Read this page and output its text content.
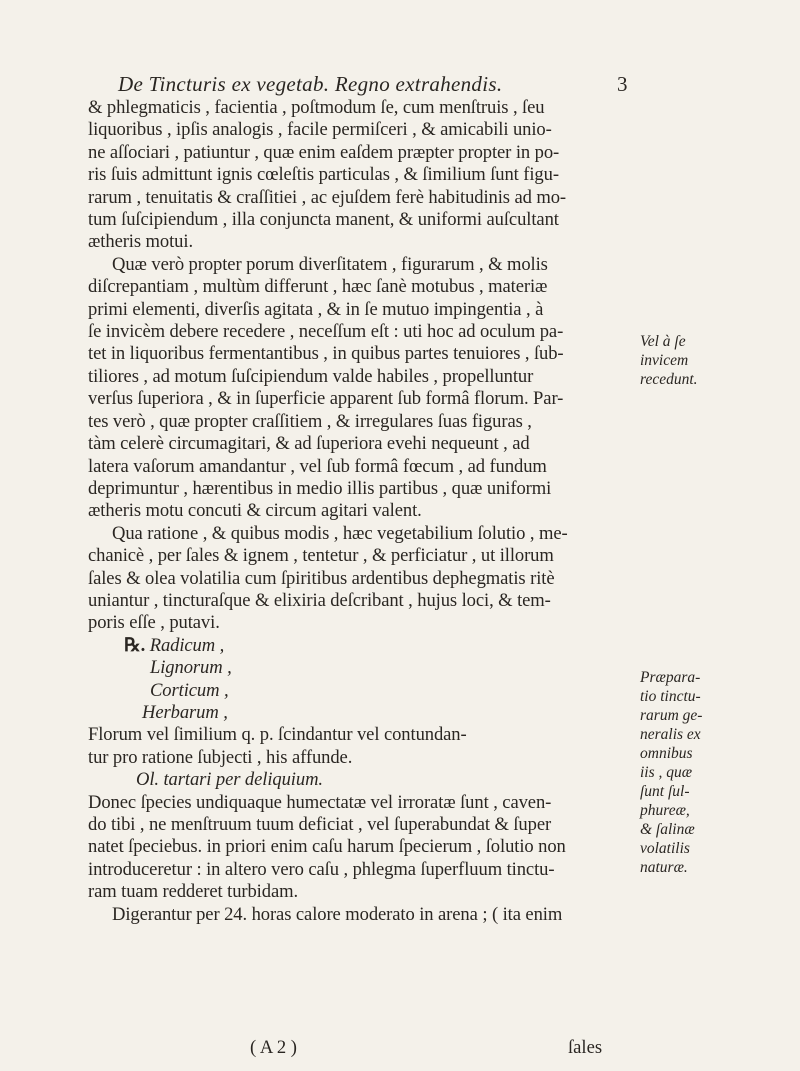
De Tincturis ex vegetab. Regno extrahendis.	3

& phlegmaticis , facientia , poſtmodum ſe, cum menſtruis , ſeu
liquoribus , ipſis analogis , facile permiſceri , & amicabili unio-
ne aſſociari , patiuntur , quæ enim eaſdem præpter propter in po-
ris ſuis admittunt ignis cœleſtis particulas , & ſimilium ſunt figu-
rarum , tenuitatis & craſſitiei , ac ejuſdem ferè habitudinis ad mo-
tum ſuſcipiendum , illa conjuncta manent, & uniformi auſcultant
ætheris motui.

Quæ verò propter porum diverſitatem , figurarum , & molis
diſcrepantiam , multùm differunt , hæc ſanè motubus , materiæ
primi elementi, diverſis agitata , & in ſe mutuo impingentia , à
ſe invicèm debere recedere , neceſſum eſt : uti hoc ad oculum pa-
tet in liquoribus fermentantibus , in quibus partes tenuiores , ſub-
tiliores , ad motum ſuſcipiendum valde habiles , propelluntur
verſus ſuperiora , & in ſuperficie apparent ſub formâ florum. Par-
tes verò , quæ propter craſſitiem , & irregulares ſuas figuras ,
tàm celerè circumagitari, & ad ſuperiora evehi nequeunt , ad
latera vaſorum amandantur , vel ſub formâ fœcum , ad fundum
deprimuntur , hærentibus in medio illis partibus , quæ uniformi
ætheris motu concuti & circum agitari valent.

Qua ratione , & quibus modis , hæc vegetabilium ſolutio , me-
chanicè , per ſales & ignem , tentetur , & perficiatur , ut illorum
ſales & olea volatilia cum ſpiritibus ardentibus dephegmatis ritè
uniantur , tincturaſque & elixiria deſcribant , hujus loci, & tem-
poris eſſe , putavi.

℞. Radicum ,
Lignorum ,
Corticum ,
Herbarum ,

Florum vel ſimilium q. p. ſcindantur vel contundan-
tur pro ratione ſubjecti , his affunde.
Ol. tartari per deliquium.

Donec ſpecies undiquaque humectatæ vel irroratæ ſunt , caven-
do tibi , ne menſtruum tuum deficiat , vel ſuperabundat & ſuper
natet ſpeciebus. in priori enim caſu harum ſpecierum , ſolutio non
introduceretur : in altero vero caſu , phlegma ſuperfluum tinctu-
ram tuam redderet turbidam.

Digerantur per 24. horas calore moderato in arena ; ( ita enim

Vel à ſe
invicem
recedunt.
Præpara-
tio tinctu-
rarum ge-
neralis ex
omnibus
iis , quæ
ſunt ſul-
phureæ,
& ſalinæ
volatilis
naturæ.
( A 2 )	ſales
